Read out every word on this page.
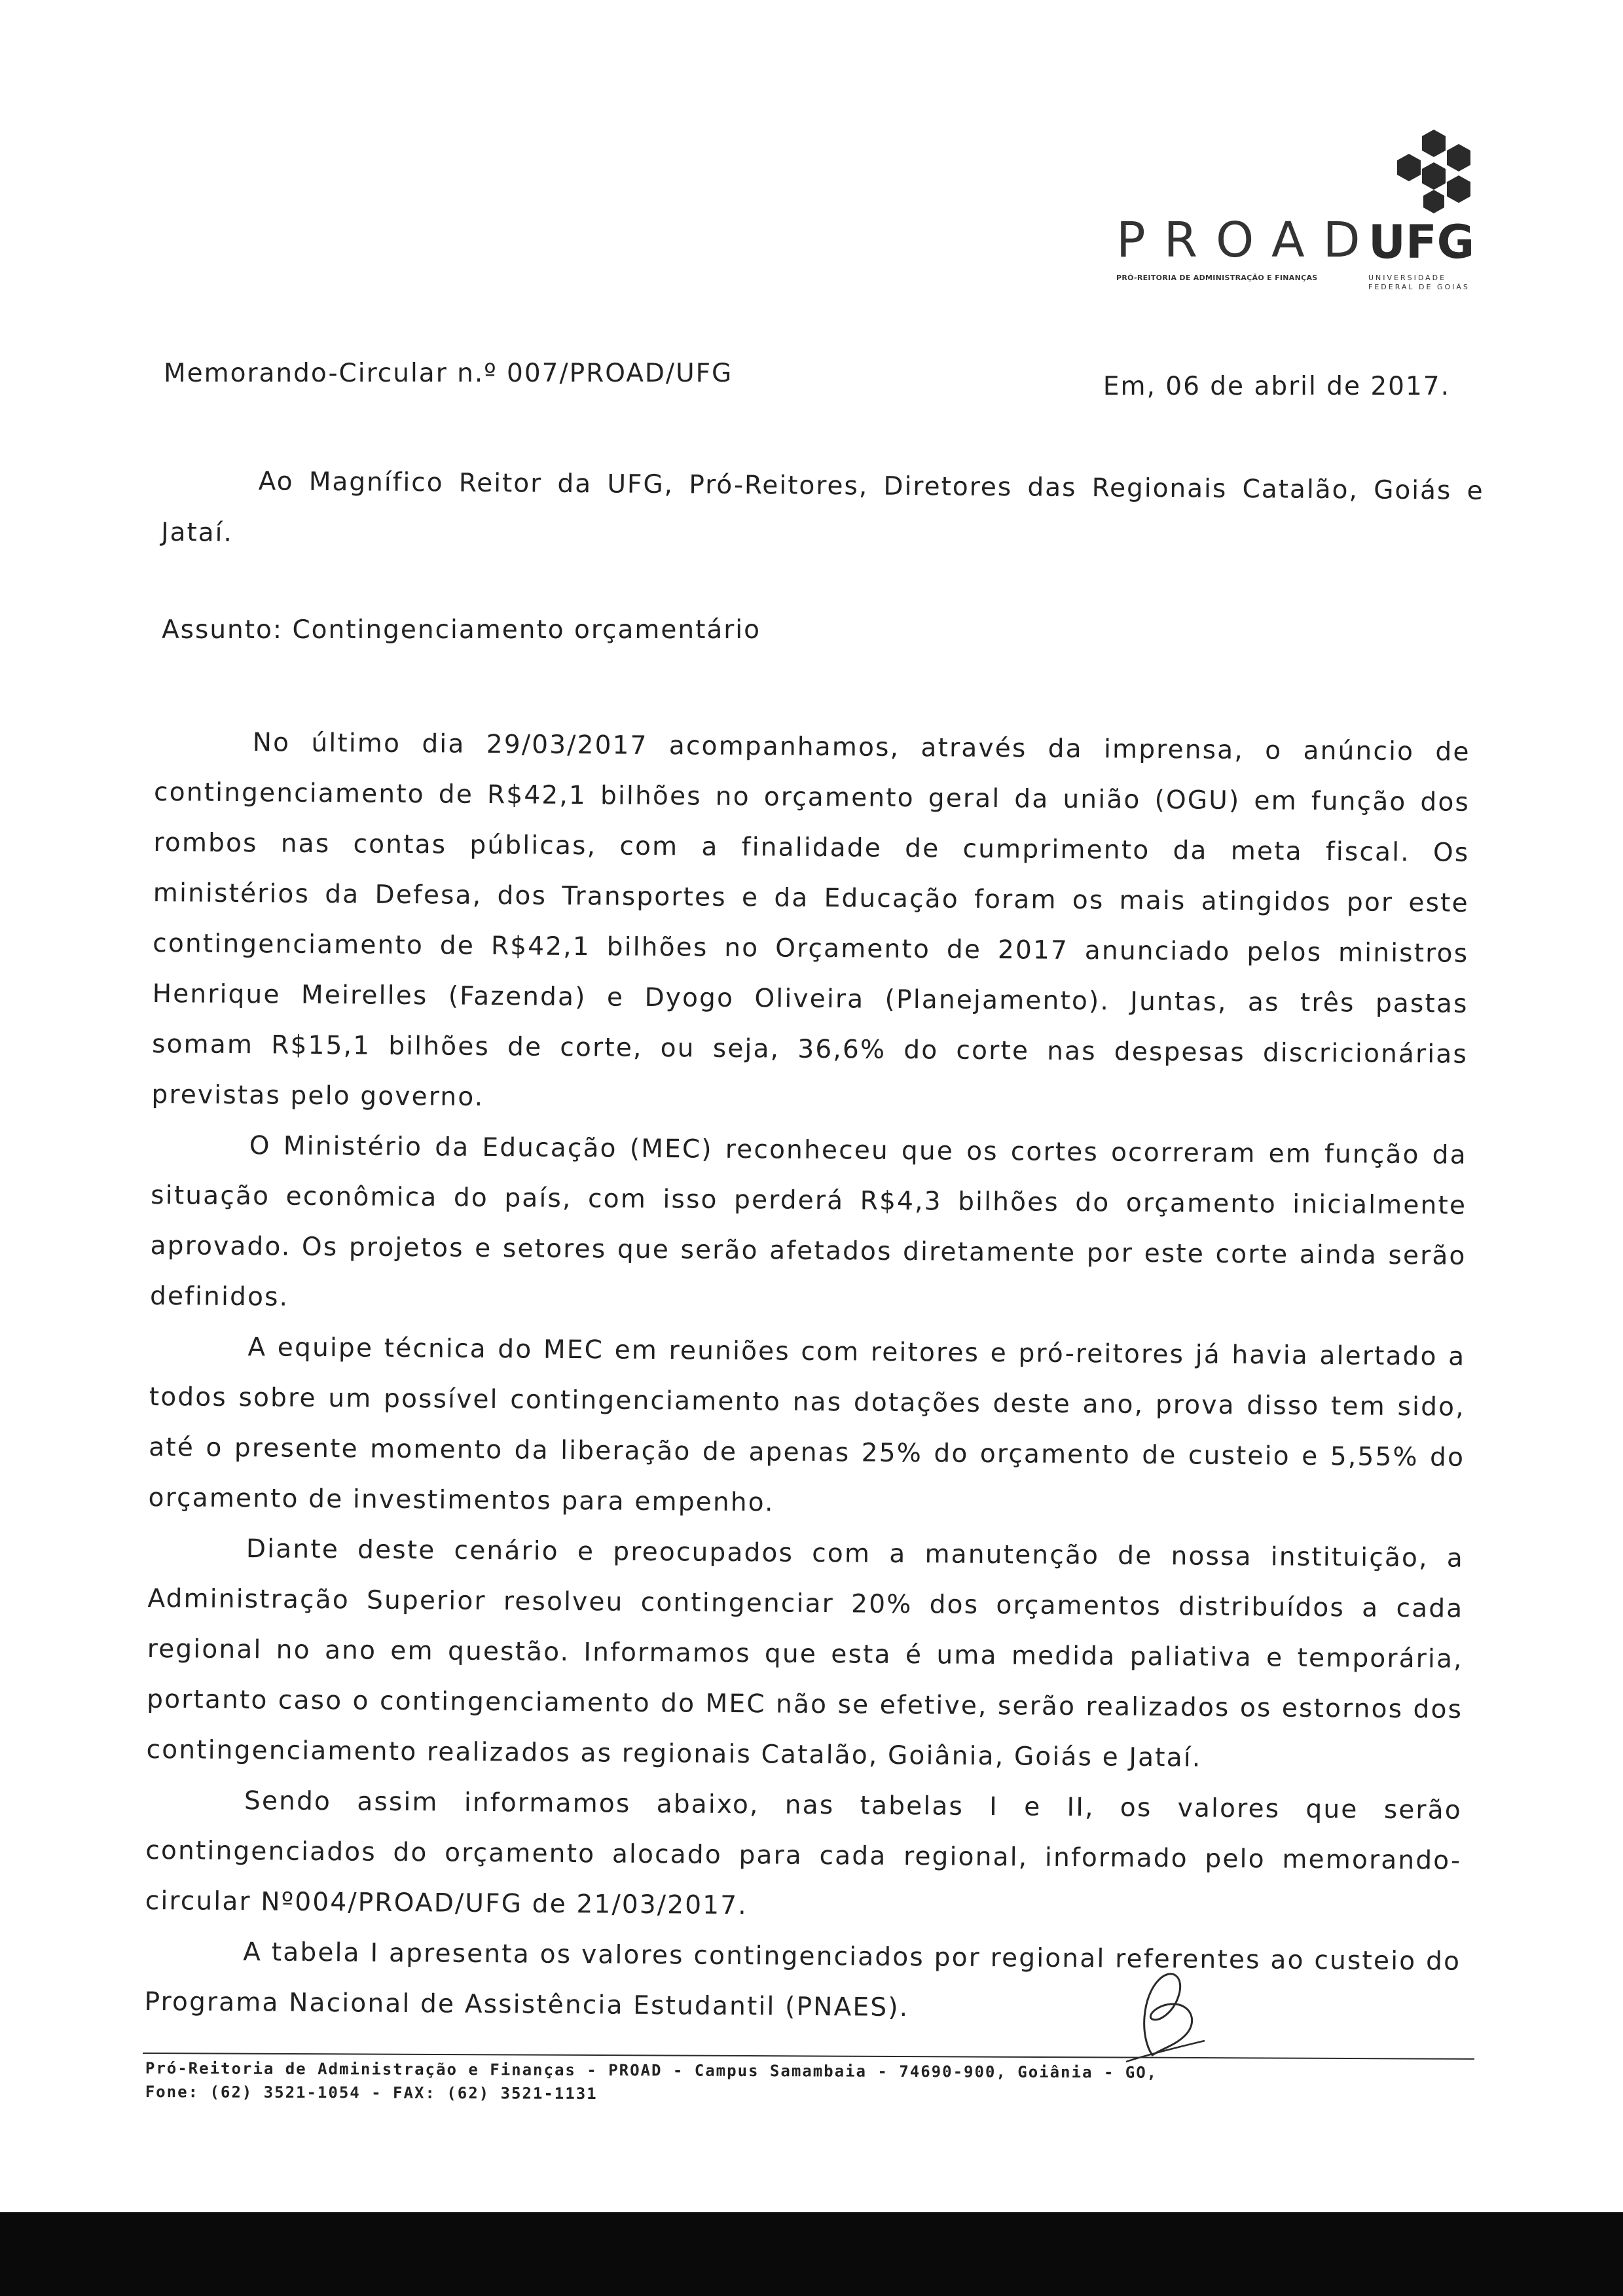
PROAD
PRÓ-REITORIA DE ADMINISTRAÇÃO E FINANÇAS
UFG
UNIVERSIDADE
FEDERAL DE GOIÁS
Memorando-Circular n.º 007/PROAD/UFG	Em, 06 de abril de 2017.
Ao Magnífico Reitor da UFG, Pró-Reitores, Diretores das Regionais Catalão, Goiás e Jataí.
Assunto: Contingenciamento orçamentário

No último dia 29/03/2017 acompanhamos, através da imprensa, o anúncio de contingenciamento de R$42,1 bilhões no orçamento geral da união (OGU) em função dos rombos nas contas públicas, com a finalidade de cumprimento da meta fiscal. Os ministérios da Defesa, dos Transportes e da Educação foram os mais atingidos por este contingenciamento de R$42,1 bilhões no Orçamento de 2017 anunciado pelos ministros Henrique Meirelles (Fazenda) e Dyogo Oliveira (Planejamento). Juntas, as três pastas somam R$15,1 bilhões de corte, ou seja, 36,6% do corte nas despesas discricionárias previstas pelo governo.

O Ministério da Educação (MEC) reconheceu que os cortes ocorreram em função da situação econômica do país, com isso perderá R$4,3 bilhões do orçamento inicialmente aprovado. Os projetos e setores que serão afetados diretamente por este corte ainda serão definidos.

A equipe técnica do MEC em reuniões com reitores e pró-reitores já havia alertado a todos sobre um possível contingenciamento nas dotações deste ano, prova disso tem sido, até o presente momento da liberação de apenas 25% do orçamento de custeio e 5,55% do orçamento de investimentos para empenho.

Diante deste cenário e preocupados com a manutenção de nossa instituição, a Administração Superior resolveu contingenciar 20% dos orçamentos distribuídos a cada regional no ano em questão. Informamos que esta é uma medida paliativa e temporária, portanto caso o contingenciamento do MEC não se efetive, serão realizados os estornos dos contingenciamento realizados as regionais Catalão, Goiânia, Goiás e Jataí.

Sendo assim informamos abaixo, nas tabelas I e II, os valores que serão contingenciados do orçamento alocado para cada regional, informado pelo memorando-circular Nº004/PROAD/UFG de 21/03/2017.

A tabela I apresenta os valores contingenciados por regional referentes ao custeio do Programa Nacional de Assistência Estudantil (PNAES).

Pró-Reitoria de Administração e Finanças - PROAD - Campus Samambaia - 74690-900, Goiânia - GO,
Fone: (62) 3521-1054 - FAX: (62) 3521-1131
